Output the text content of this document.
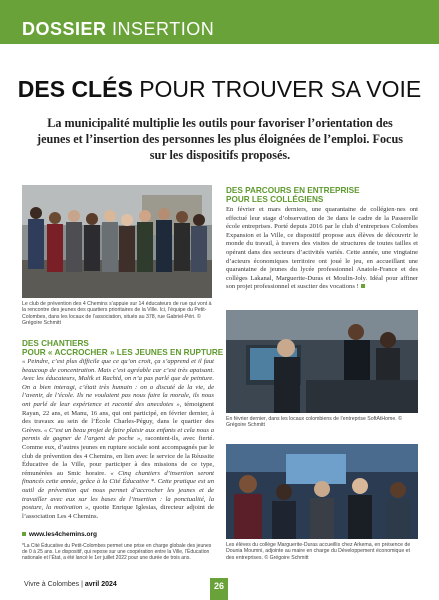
DOSSIER INSERTION
DES CLÉS POUR TROUVER SA VOIE
La municipalité multiplie les outils pour favoriser l’orientation des jeunes et l’insertion des personnes les plus éloignées de l’emploi. Focus sur les dispositifs proposés.
Le club de prévention des 4 Chemins s’appuie sur 14 éducateurs de rue qui vont à la rencontre des jeunes des quartiers prioritaires de la Ville. Ici, l’équipe du Petit-Colombes, dans les locaux de l’association, situés au 378, rue Gabriel-Péri. © Grégoire Schmitt
DES PARCOURS EN ENTREPRISE
POUR LES COLLÉGIENS
En février et mars derniers, une quarantaine de collégien·nes ont effectué leur stage d’observation de 3e dans le cadre de la Passerelle école entreprises. Porté depuis 2016 par le club d’entreprises Colombes Expansion et la Ville, ce dispositif propose aux élèves de découvrir le monde du travail, à travers des visites de structures de toutes tailles et opérant dans des secteurs d’activités variés. Cette année, une vingtaine d’acteurs économiques territoire ont joué le jeu, en accueillant une quarantaine de jeunes du lycée professionnel Anatole-France et des collèges Lakanal, Marguerite-Duras et Moulin-Joly. Idéal pour affiner son projet professionnel et susciter des vocations !
En février dernier, dans les locaux colombiens de l’entreprise SoftAtHome. © Grégoire Schmitt
DES CHANTIERS
POUR « ACCROCHER » LES JEUNES EN RUPTURE
« Peindre, c’est plus difficile que ce qu’on croit, ça s’apprend et il faut beaucoup de concentration. Mais c’est agréable car c’est très apaisant. Avec les éducateurs, Malik et Rachid, on n’a pas parlé que de peinture. On a bien interagi, c’était très humain : on a discuté de la vie, de l’avenir, de l’école. Ils ne voulaient pas nous faire la morale, ils nous ont parlé de leur expérience et raconté des anecdotes », témoignent Rayan, 22 ans, et Manu, 16 ans, qui ont participé, en février dernier, à des travaux au sein de l’École Charles-Péguy, dans le quartier des Grèves. « C’est un beau projet de faire plaisir aux enfants et cela nous a permis de gagner de l’argent de poche », racontent-ils, avec fierté. Comme eux, d’autres jeunes en rupture sociale sont accompagnés par le club de prévention des 4 Chemins, en lien avec le service de la Réussite Éducative de la Ville, pour participer à des missions de ce type, rémunérées au Smic horaire. « Cinq chantiers d’insertion seront financés cette année, grâce à la Cité Éducative *. Cette pratique est un outil de prévention qui nous permet d’accrocher les jeunes et de travailler avec eux sur les bases de l’insertion : la ponctualité, la posture, la motivation », quotte Enrique Iglesias, directeur adjoint de l’association Les 4 Chemins.
www.les4chemins.org
*La Cité Éducative du Petit-Colombes permet une prise en charge globale des jeunes de 0 à 25 ans. Le dispositif, qui repose sur une coopération entre la Ville, l’Éducation nationale et l’État, a été lancé le 1er juillet 2022 pour une durée de trois ans.
Les élèves du collège Marguerite-Duras accueillis chez Arkema, en présence de Dounia Moumni, adjointe au maire en charge du Développement économique et des entreprises. © Grégoire Schmitt
Vivre à Colombes | avril 2024	26
